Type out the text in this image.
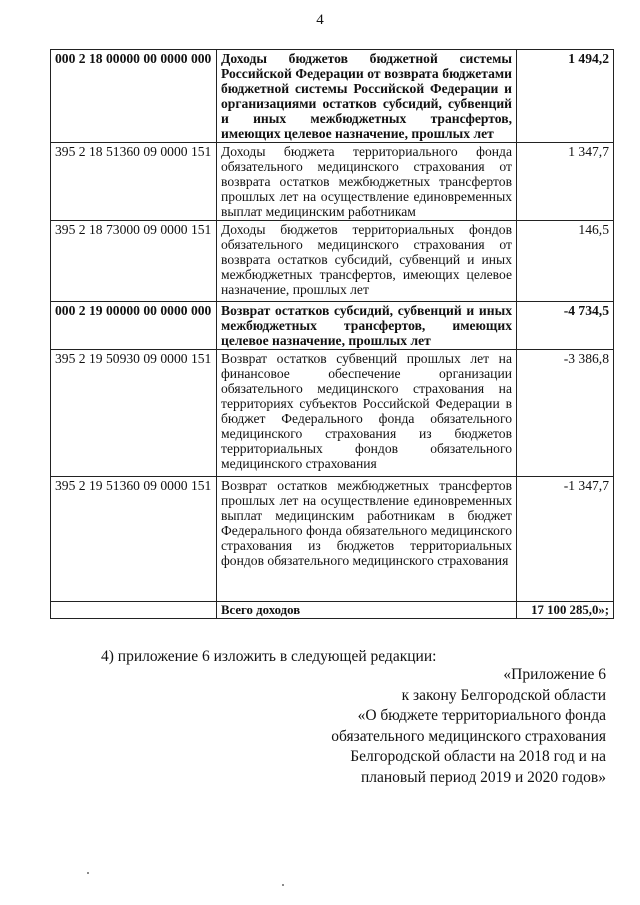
4
000 2 18 00000 00 0000 000	Доходы бюджетов бюджетной системы Российской Федерации от возврата бюджетами бюджетной системы Российской Федерации и организациями остатков субсидий, субвенций и иных межбюджетных трансфертов, имеющих целевое назначение, прошлых лет	1 494,2
395 2 18 51360 09 0000 151	Доходы бюджета территориального фонда обязательного медицинского страхования от возврата остатков межбюджетных трансфертов прошлых лет на осуществление единовременных выплат медицинским работникам	1 347,7
395 2 18 73000 09 0000 151	Доходы бюджетов территориальных фондов обязательного медицинского страхования от возврата остатков субсидий, субвенций и иных межбюджетных трансфертов, имеющих целевое назначение, прошлых лет	146,5
000 2 19 00000 00 0000 000	Возврат остатков субсидий, субвенций и иных межбюджетных трансфертов, имеющих целевое назначение, прошлых лет	-4 734,5
395 2 19 50930 09 0000 151	Возврат остатков субвенций прошлых лет на финансовое обеспечение организации обязательного медицинского страхования на территориях субъектов Российской Федерации в бюджет Федерального фонда обязательного медицинского страхования из бюджетов территориальных фондов обязательного медицинского страхования	-3 386,8
395 2 19 51360 09 0000 151	Возврат остатков межбюджетных трансфертов прошлых лет на осуществление единовременных выплат медицинским работникам в бюджет Федерального фонда обязательного медицинского страхования из бюджетов территориальных фондов обязательного медицинского страхования	-1 347,7
	Всего доходов	17 100 285,0»;
4) приложение 6 изложить в следующей редакции:
«Приложение 6
к закону Белгородской области
«О бюджете территориального фонда
обязательного медицинского страхования
Белгородской области на 2018 год и на
плановый период 2019 и 2020 годов»
